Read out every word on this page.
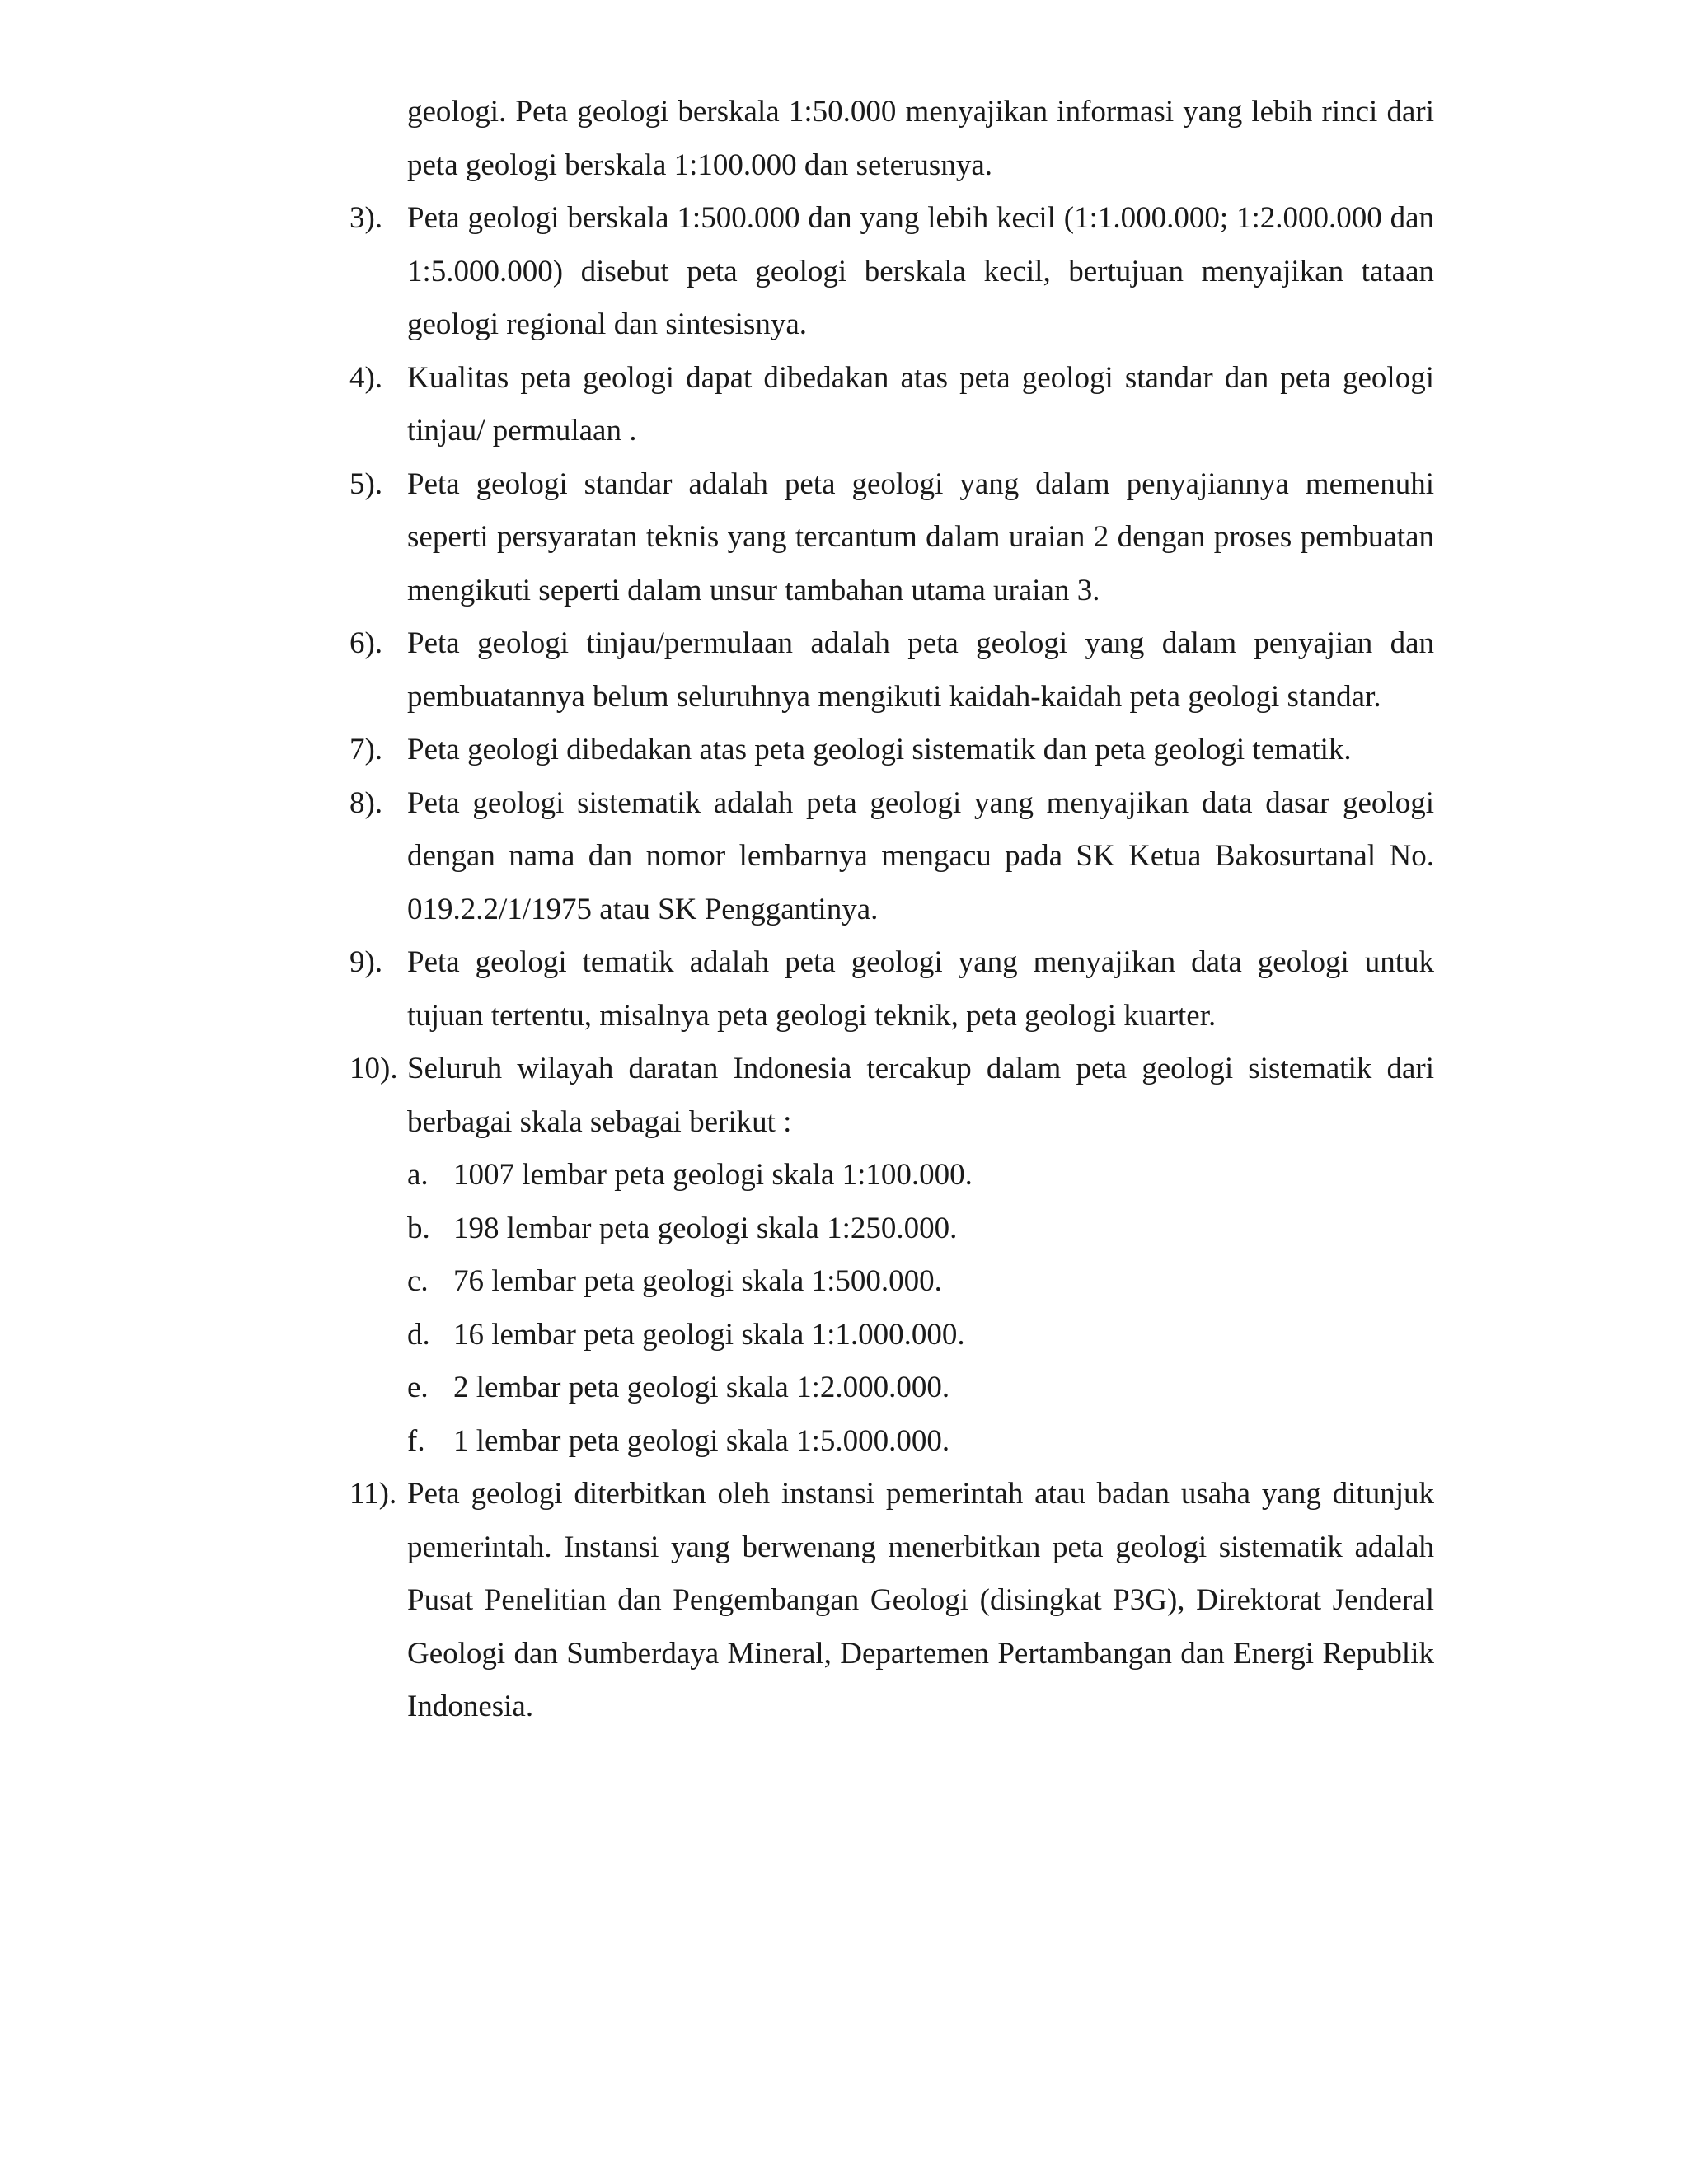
geologi. Peta geologi berskala 1:50.000 menyajikan informasi yang lebih rinci dari peta geologi berskala 1:100.000 dan seterusnya.

3). Peta geologi berskala 1:500.000 dan yang lebih kecil (1:1.000.000; 1:2.000.000 dan 1:5.000.000) disebut peta geologi berskala kecil, bertujuan menyajikan tataan geologi regional dan sintesisnya.
4). Kualitas peta geologi dapat dibedakan atas peta geologi standar dan peta geologi tinjau/ permulaan .
5). Peta geologi standar adalah peta geologi yang dalam penyajiannya memenuhi seperti persyaratan teknis yang tercantum dalam uraian 2 dengan proses pembuatan mengikuti seperti dalam unsur tambahan utama uraian 3.
6). Peta geologi tinjau/permulaan adalah peta geologi yang dalam penyajian dan pembuatannya belum seluruhnya mengikuti kaidah-kaidah peta geologi standar.
7). Peta geologi dibedakan atas peta geologi sistematik dan peta geologi tematik.
8). Peta geologi sistematik adalah peta geologi yang menyajikan data dasar geologi dengan nama dan nomor lembarnya mengacu pada SK Ketua Bakosurtanal No. 019.2.2/1/1975 atau SK Penggantinya.
9). Peta geologi tematik adalah peta geologi yang menyajikan data geologi untuk tujuan tertentu, misalnya peta geologi teknik, peta geologi kuarter.
10). Seluruh wilayah daratan Indonesia tercakup dalam peta geologi sistematik dari berbagai skala sebagai berikut :
a. 1007 lembar peta geologi skala 1:100.000.
b. 198 lembar peta geologi skala 1:250.000.
c. 76 lembar peta geologi skala 1:500.000.
d. 16 lembar peta geologi skala 1:1.000.000.
e. 2 lembar peta geologi skala 1:2.000.000.
f. 1 lembar peta geologi skala 1:5.000.000.
11). Peta geologi diterbitkan oleh instansi pemerintah atau badan usaha yang ditunjuk pemerintah. Instansi yang berwenang menerbitkan peta geologi sistematik adalah Pusat Penelitian dan Pengembangan Geologi (disingkat P3G), Direktorat Jenderal Geologi dan Sumberdaya Mineral, Departemen Pertambangan dan Energi Republik Indonesia.
